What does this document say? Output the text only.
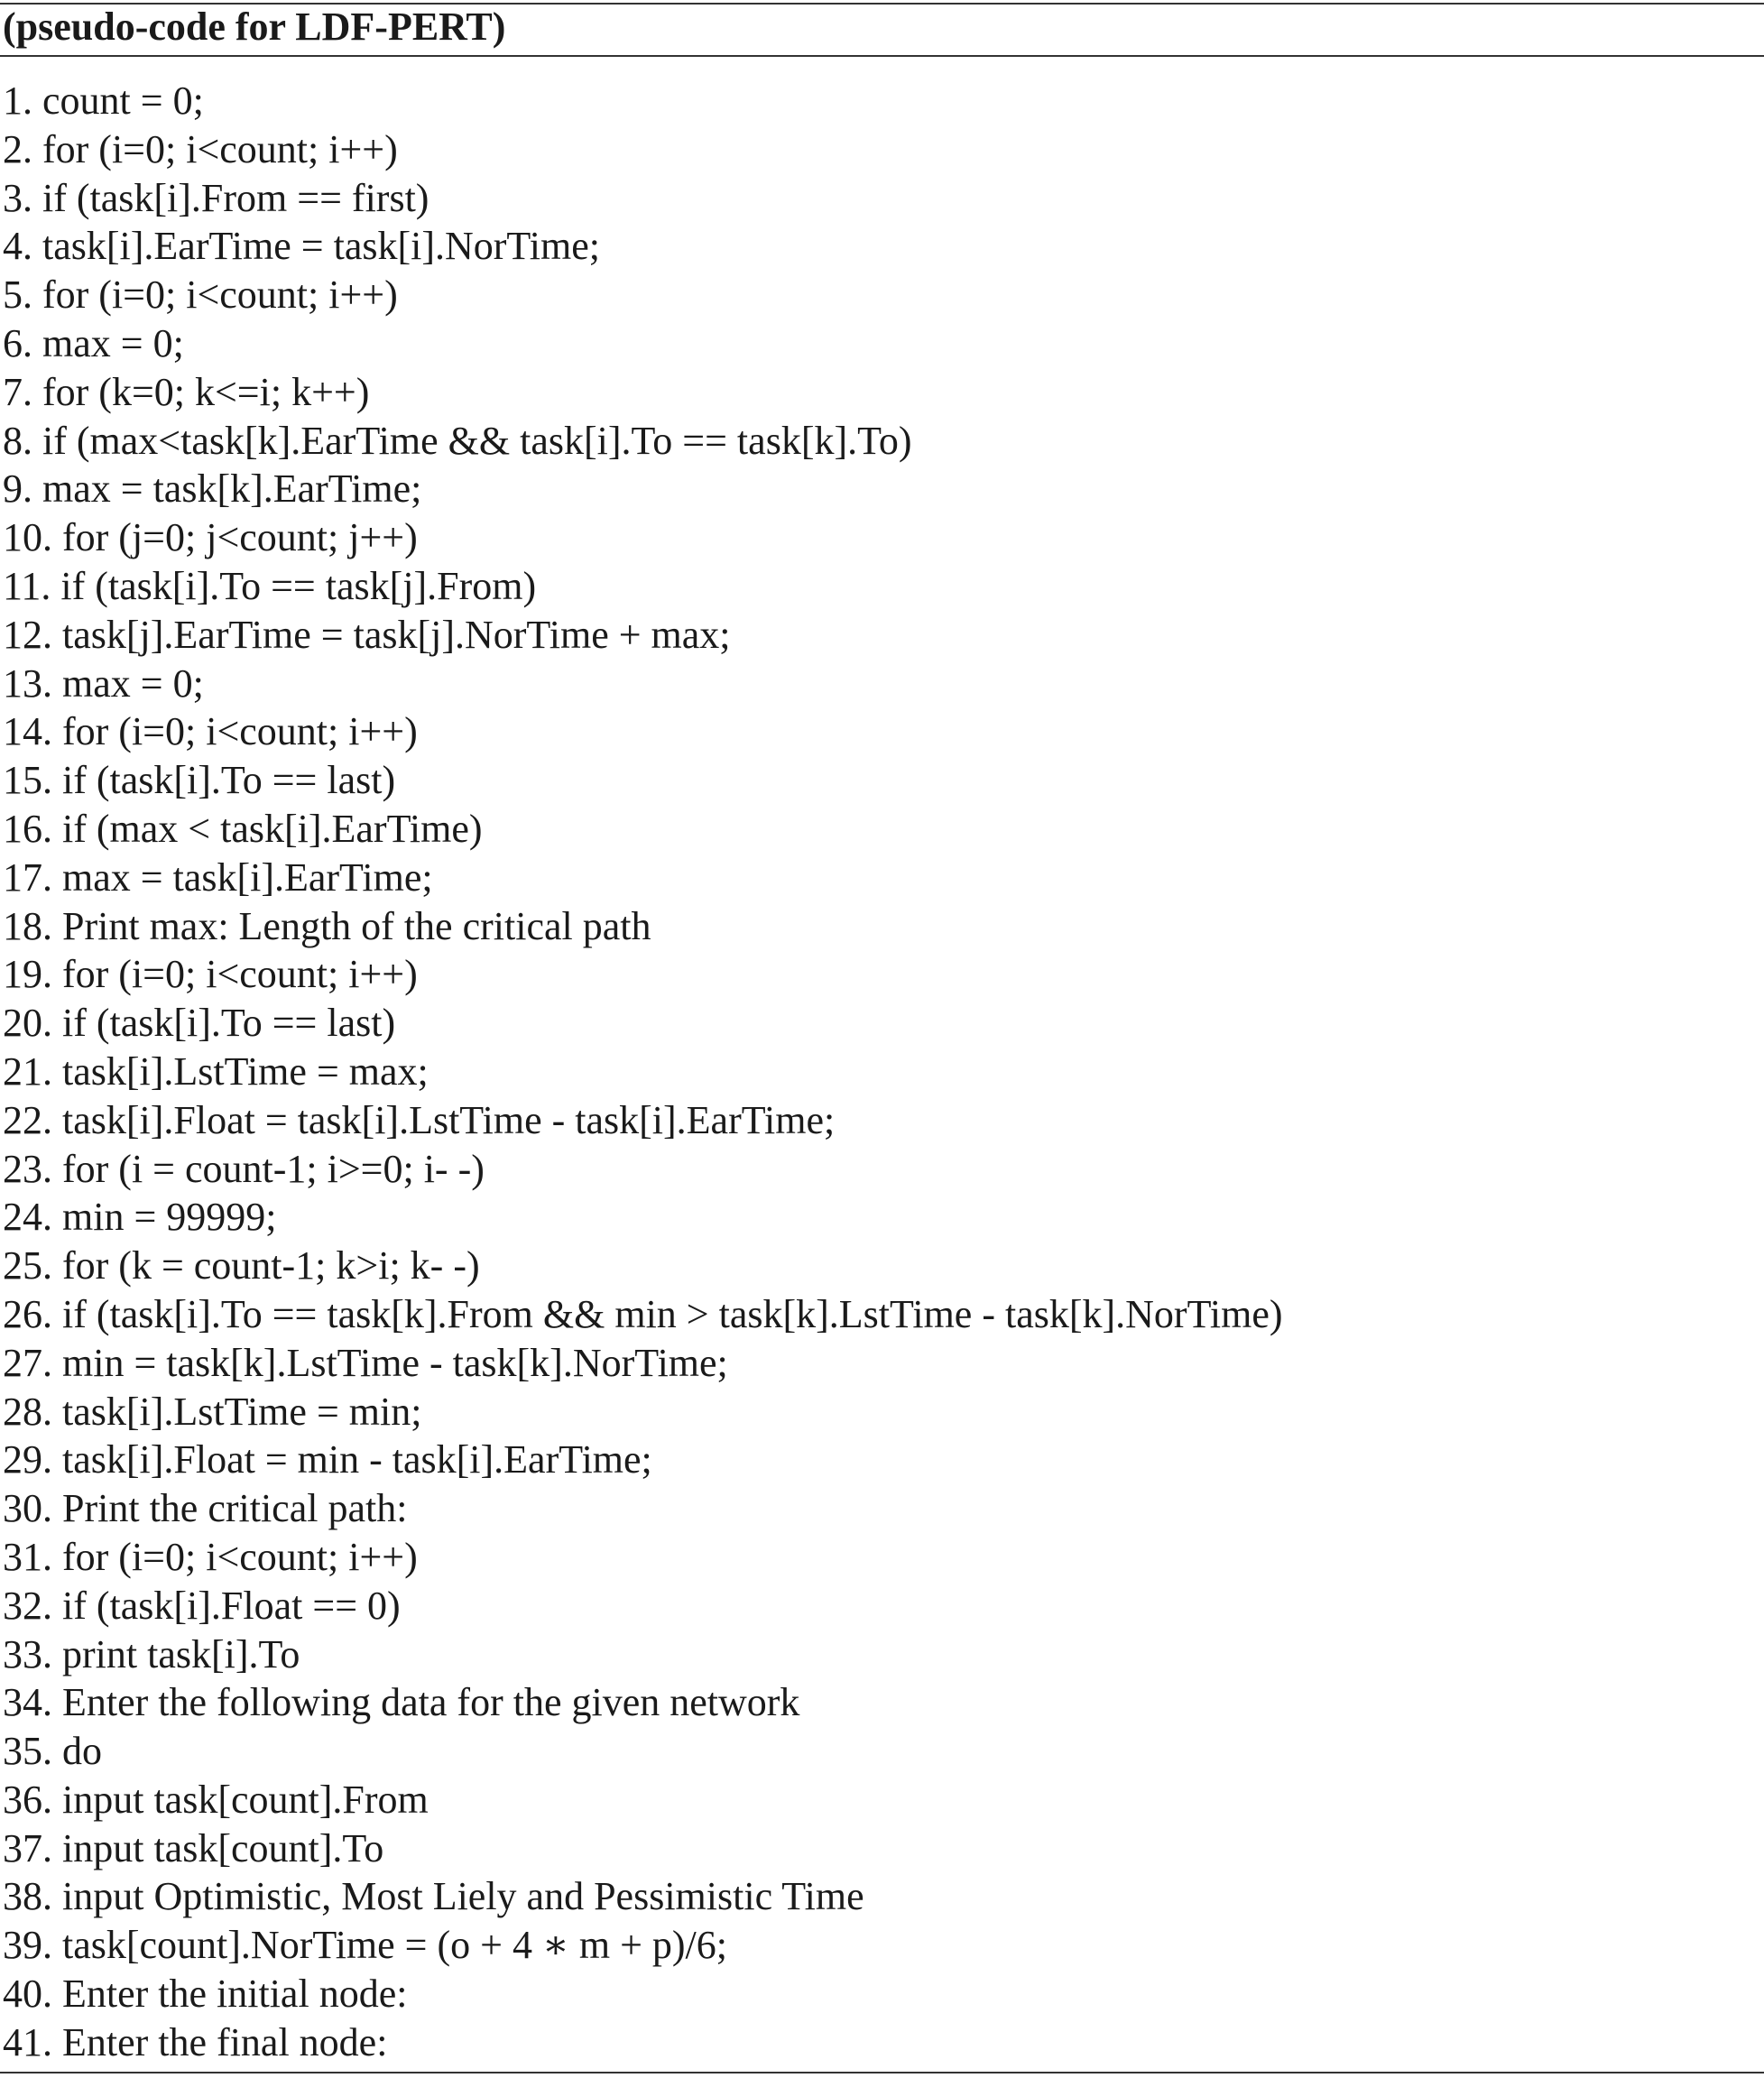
(pseudo-code for LDF-PERT)
1. count = 0;
2. for (i=0; i<count; i++)
3. if (task[i].From == first)
4. task[i].EarTime = task[i].NorTime;
5. for (i=0; i<count; i++)
6. max = 0;
7. for (k=0; k<=i; k++)
8. if (max<task[k].EarTime && task[i].To == task[k].To)
9. max = task[k].EarTime;
10. for (j=0; j<count; j++)
11. if (task[i].To == task[j].From)
12. task[j].EarTime = task[j].NorTime + max;
13. max = 0;
14. for (i=0; i<count; i++)
15. if (task[i].To == last)
16. if (max < task[i].EarTime)
17. max = task[i].EarTime;
18. Print max: Length of the critical path
19. for (i=0; i<count; i++)
20. if (task[i].To == last)
21. task[i].LstTime = max;
22. task[i].Float = task[i].LstTime - task[i].EarTime;
23. for (i = count-1; i>=0; i- -)
24. min = 99999;
25. for (k = count-1; k>i; k- -)
26. if (task[i].To == task[k].From && min > task[k].LstTime - task[k].NorTime)
27. min = task[k].LstTime - task[k].NorTime;
28. task[i].LstTime = min;
29. task[i].Float = min - task[i].EarTime;
30. Print the critical path:
31. for (i=0; i<count; i++)
32. if (task[i].Float == 0)
33. print task[i].To
34. Enter the following data for the given network
35. do
36. input task[count].From
37. input task[count].To
38. input Optimistic, Most Liely and Pessimistic Time
39. task[count].NorTime = (o + 4 ∗ m + p)/6;
40. Enter the initial node:
41. Enter the final node:
